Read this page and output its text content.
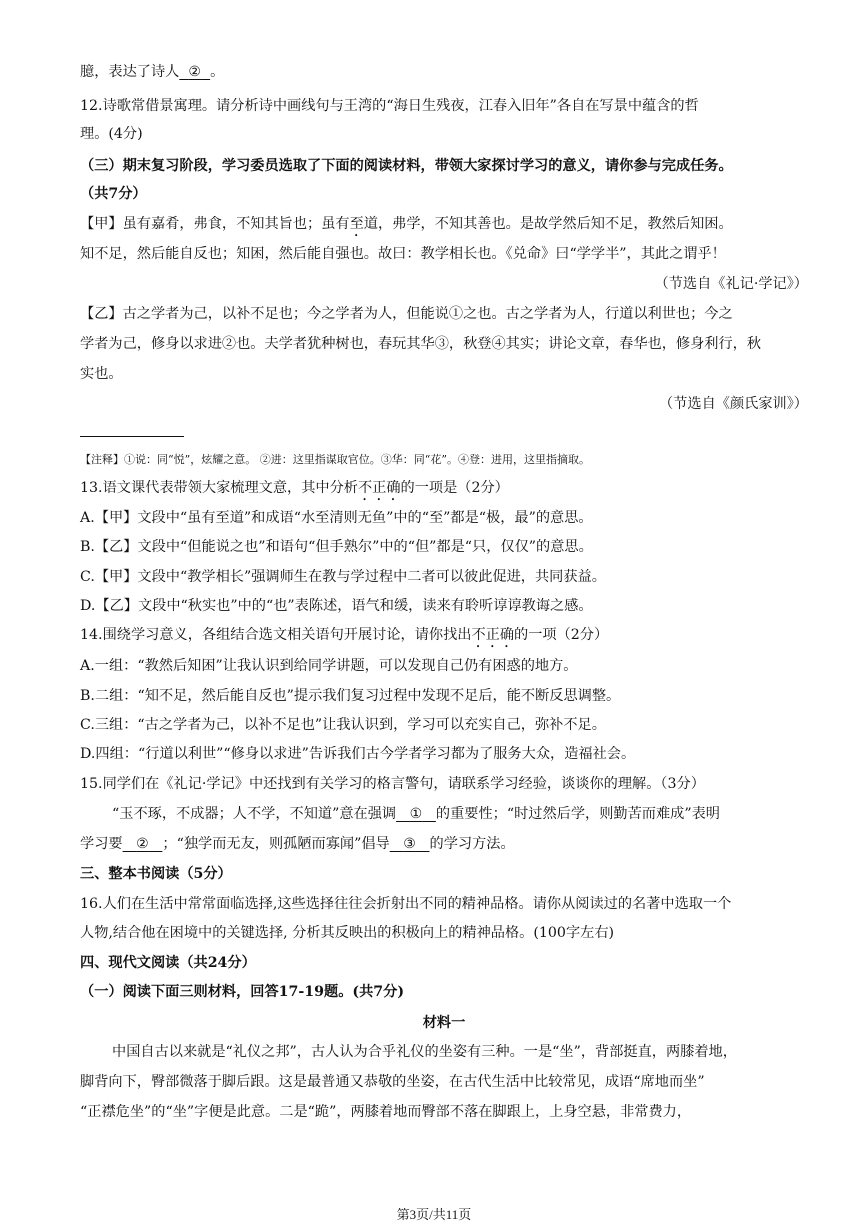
臆，表达了诗人 ② 。
12.诗歌常借景寓理。请分析诗中画线句与王湾的“海日生残夜，江春入旧年”各自在写景中蕴含的哲
理。(4分)
（三）期末复习阶段，学习委员选取了下面的阅读材料，带领大家探讨学习的意义，请你参与完成任务。
（共7分）
【甲】虽有嘉肴，弗食，不知其旨也；虽有至道，弗学，不知其善也。是故学然后知不足，教然后知困。
知不足，然后能自反也；知困，然后能自强也。故曰：教学相长也。《兑命》曰“学学半”，其此之谓乎！
（节选自《礼记·学记》）
【乙】古之学者为己，以补不足也；今之学者为人，但能说①之也。古之学者为人，行道以利世也；今之
学者为己，修身以求进②也。夫学者犹种树也，春玩其华③，秋登④其实；讲论文章，春华也，修身利行，秋
实也。
（节选自《颜氏家训》）
【注释】①说：同“悦”，炫耀之意。 ②进：这里指谋取官位。③华：同“花”。④登：进用，这里指摘取。
13.语文课代表带领大家梳理文意，其中分析不正确的一项是（2分）
A.【甲】文段中“虽有至道”和成语“水至清则无鱼”中的“至”都是“极，最”的意思。
B.【乙】文段中“但能说之也”和语句“但手熟尔”中的“但”都是“只，仅仅”的意思。
C.【甲】文段中“教学相长”强调师生在教与学过程中二者可以彼此促进，共同获益。
D.【乙】文段中“秋实也”中的“也”表陈述，语气和缓，读来有聆听谆谆教诲之感。
14.围绕学习意义，各组结合选文相关语句开展讨论，请你找出不正确的一项（2分）
A.一组：“教然后知困”让我认识到给同学讲题，可以发现自己仍有困惑的地方。
B.二组：“知不足，然后能自反也”提示我们复习过程中发现不足后，能不断反思调整。
C.三组：“古之学者为己，以补不足也”让我认识到，学习可以充实自己，弥补不足。
D.四组：“行道以利世”“修身以求进”告诉我们古今学者学习都为了服务大众，造福社会。
15.同学们在《礼记·学记》中还找到有关学习的格言警句，请联系学习经验，谈谈你的理解。（3分）
“玉不琢，不成器；人不学，不知道”意在强调 ① 的重要性；“时过然后学，则勤苦而难成”表明
学习要 ② ；“独学而无友，则孤陋而寡闻”倡导 ③ 的学习方法。
三、整本书阅读（5分）
16.人们在生活中常常面临选择,这些选择往往会折射出不同的精神品格。请你从阅读过的名著中选取一个
人物,结合他在困境中的关键选择, 分析其反映出的积极向上的精神品格。(100字左右)
四、现代文阅读（共24分）
（一）阅读下面三则材料，回答17-19题。(共7分)
材料一
中国自古以来就是“礼仪之邦”，古人认为合乎礼仪的坐姿有三种。一是“坐”，背部挺直，两膝着地，
脚背向下，臀部微落于脚后跟。这是最普通又恭敬的坐姿，在古代生活中比较常见，成语“席地而坐”
“正襟危坐”的“坐”字便是此意。二是“跪”，两膝着地而臀部不落在脚跟上，上身空悬，非常费力，
第3页/共11页
